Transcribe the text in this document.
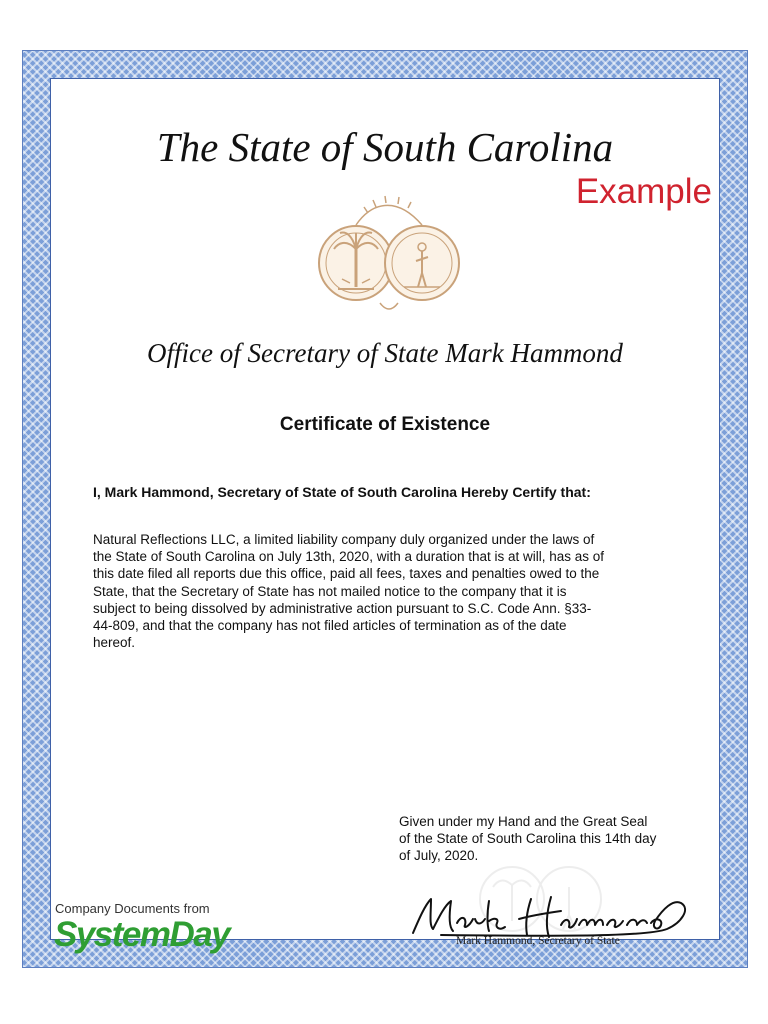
The State of South Carolina

Example

Office of Secretary of State Mark Hammond

Certificate of Existence

I, Mark Hammond, Secretary of State of South Carolina Hereby Certify that:

Natural Reflections LLC, a limited liability company duly organized under the laws of
the State of South Carolina on July 13th, 2020, with a duration that is at will, has as of
this date filed all reports due this office, paid all fees, taxes and penalties owed to the
State, that the Secretary of State has not mailed notice to the company that it is
subject to being dissolved by administrative action pursuant to S.C. Code Ann. §33-
44-809, and that the company has not filed articles of termination as of the date
hereof.
Given under my Hand and the Great Seal
of the State of South Carolina this 14th day
of July, 2020.

Mark Hammond, Secretary of State

Company Documents from

SystemDay
